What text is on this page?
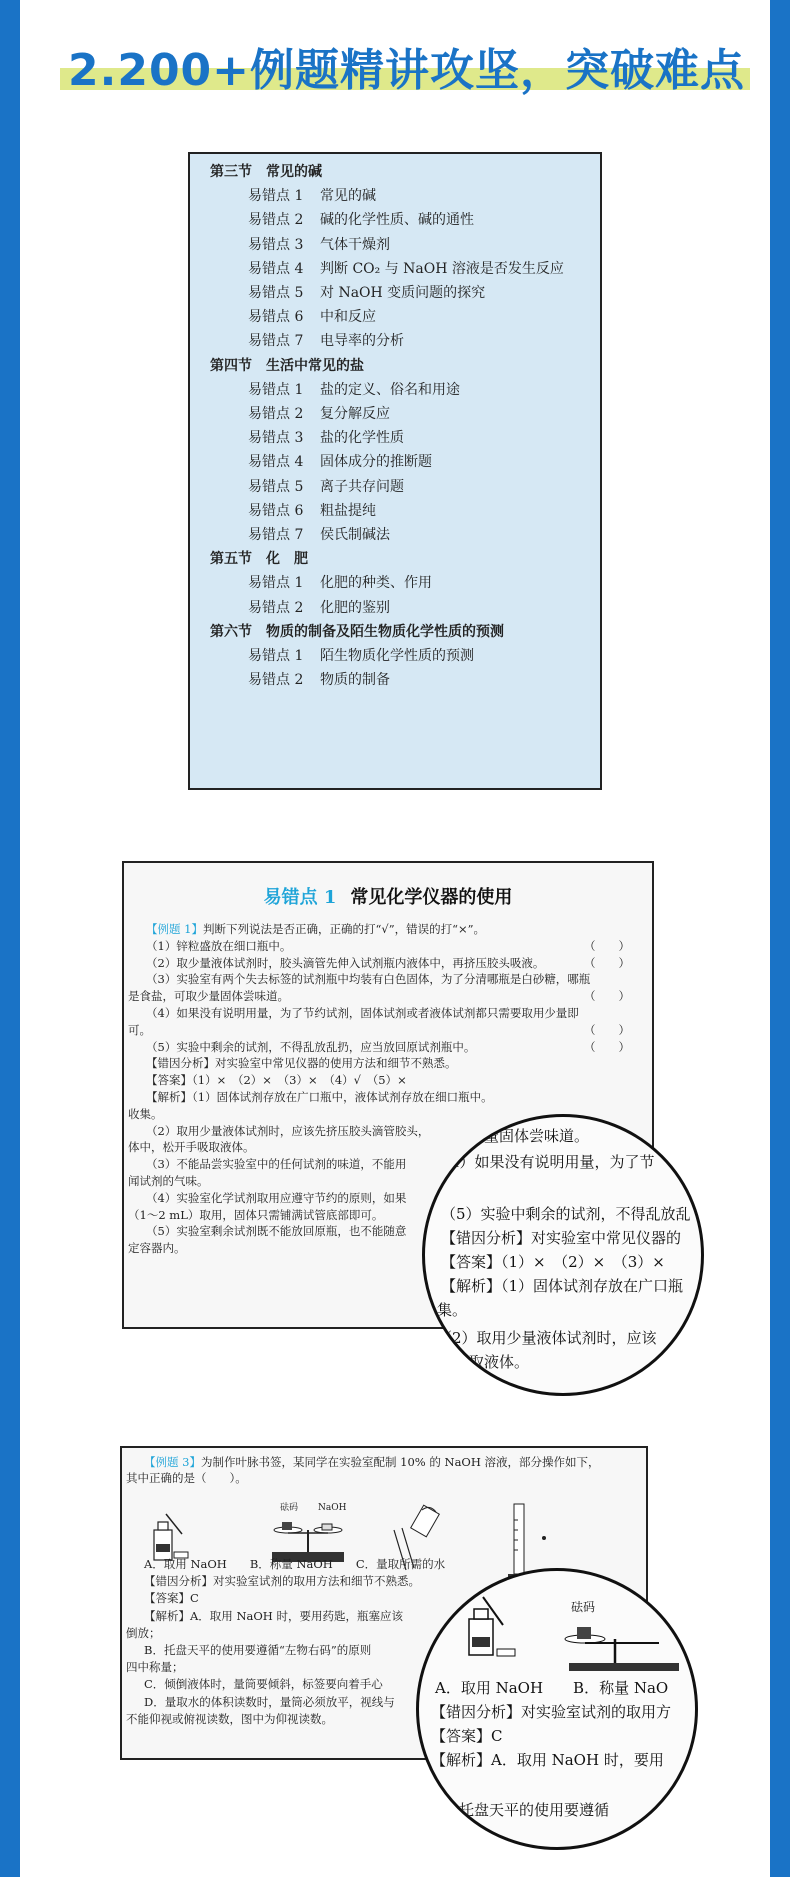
2.200+例题精讲攻坚，突破难点
第三节　常见的碱
易错点 1 常见的碱
易错点 2 碱的化学性质、碱的通性
易错点 3 气体干燥剂
易错点 4 判断 CO₂ 与 NaOH 溶液是否发生反应
易错点 5 对 NaOH 变质问题的探究
易错点 6 中和反应
易错点 7 电导率的分析
第四节　生活中常见的盐
易错点 1 盐的定义、俗名和用途
易错点 2 复分解反应
易错点 3 盐的化学性质
易错点 4 固体成分的推断题
易错点 5 离子共存问题
易错点 6 粗盐提纯
易错点 7 侯氏制碱法
第五节　化　肥
易错点 1 化肥的种类、作用
易错点 2 化肥的鉴别
第六节　物质的制备及陌生物质化学性质的预测
易错点 1 陌生物质化学性质的预测
易错点 2 物质的制备
易错点 1 常见化学仪器的使用
【例题 1】判断下列说法是否正确，正确的打“√”，错误的打“×”。
（1）锌粒盛放在细口瓶中。	（　　）
（2）取少量液体试剂时，胶头滴管先伸入试剂瓶内液体中，再挤压胶头吸液。	（　　）
（3）实验室有两个失去标签的试剂瓶中均装有白色固体，为了分清哪瓶是白砂糖，哪瓶
是食盐，可取少量固体尝味道。	（　　）
（4）如果没有说明用量，为了节约试剂，固体试剂或者液体试剂都只需要取用少量即
可。	（　　）
（5）实验中剩余的试剂，不得乱放乱扔，应当放回原试剂瓶中。	（　　）
【错因分析】对实验室中常见仪器的使用方法和细节不熟悉。
【答案】（1）×　（2）×　（3）×　（4）√　（5）×
【解析】（1）固体试剂存放在广口瓶中，液体试剂存放在细口瓶中。
收集。
（2）取用少量液体试剂时，应该先挤压胶头滴管胶头，
体中，松开手吸取液体。
（3）不能品尝实验室中的任何试剂的味道，不能用
闻试剂的气味。
（4）实验室化学试剂取用应遵守节约的原则，如果
（1～2 mL）取用，固体只需铺满试管底部即可。
（5）实验室剩余试剂既不能放回原瓶，也不能随意
定容器内。
可取少量固体尝味道。
（4）如果没有说明用量，为了节
（5）实验中剩余的试剂，不得乱放乱
【错因分析】对实验室中常见仪器的
【答案】（1）×　（2）×　（3）×
【解析】（1）固体试剂存放在广口瓶
集。
（2）取用少量液体试剂时，应该
手吸取液体。
砝码 NaOH
【例题 3】为制作叶脉书签，某同学在实验室配制 10% 的 NaOH 溶液，部分操作如下，
其中正确的是（　　）。
A．取用 NaOH　　B．称量 NaOH　　C．量取所需的水
【错因分析】对实验室试剂的取用方法和细节不熟悉。
【答案】C
【解析】A．取用 NaOH 时，要用药匙，瓶塞应该
倒放；
B．托盘天平的使用要遵循“左物右码”的原则
四中称量；
C．倾倒液体时，量筒要倾斜，标签要向着手心
D．量取水的体积读数时，量筒必须放平，视线与
不能仰视或俯视读数，图中为仰视读数。
砝码
A．取用 NaOH　　B．称量 NaO
【错因分析】对实验室试剂的取用方
【答案】C
【解析】A．取用 NaOH 时，要用
托盘天平的使用要遵循
